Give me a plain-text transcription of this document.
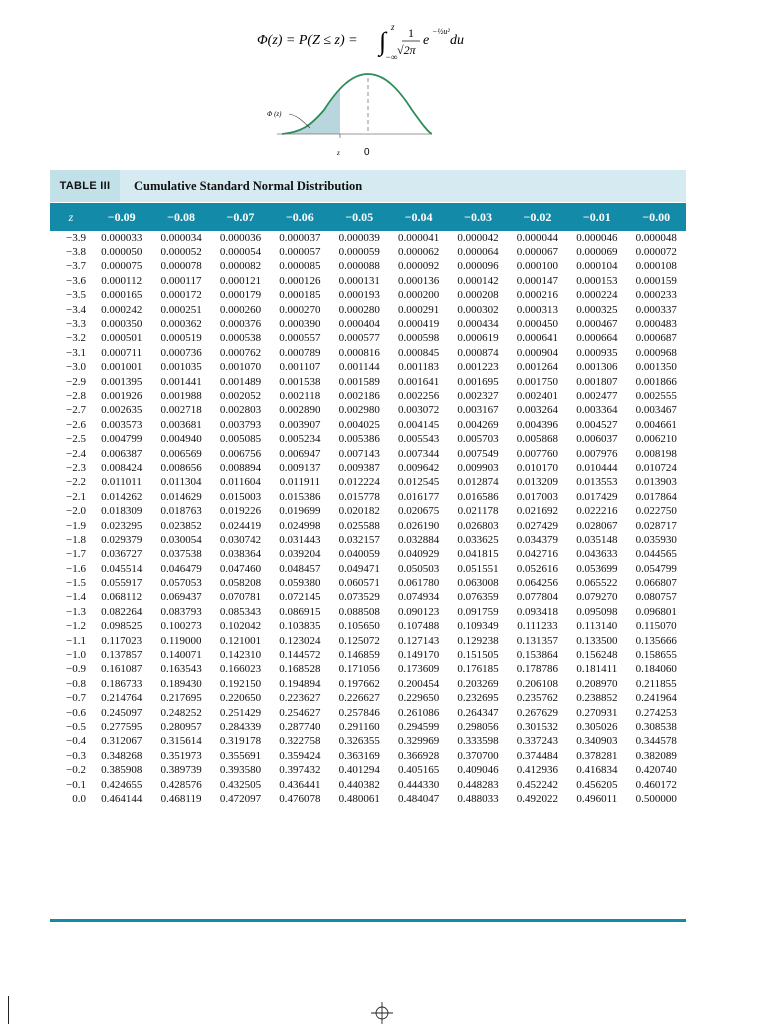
Φ(z) = P(Z ≤ z) = ∫ z
−∞
1
√2π
e
−½u²
du
Φ (z)
z 0
TABLE III	Cumulative Standard Normal Distribution
z	−0.09	−0.08	−0.07	−0.06	−0.05	−0.04	−0.03	−0.02	−0.01	−0.00
−3.9	0.000033	0.000034	0.000036	0.000037	0.000039	0.000041	0.000042	0.000044	0.000046	0.000048
−3.8	0.000050	0.000052	0.000054	0.000057	0.000059	0.000062	0.000064	0.000067	0.000069	0.000072
−3.7	0.000075	0.000078	0.000082	0.000085	0.000088	0.000092	0.000096	0.000100	0.000104	0.000108
−3.6	0.000112	0.000117	0.000121	0.000126	0.000131	0.000136	0.000142	0.000147	0.000153	0.000159
−3.5	0.000165	0.000172	0.000179	0.000185	0.000193	0.000200	0.000208	0.000216	0.000224	0.000233
−3.4	0.000242	0.000251	0.000260	0.000270	0.000280	0.000291	0.000302	0.000313	0.000325	0.000337
−3.3	0.000350	0.000362	0.000376	0.000390	0.000404	0.000419	0.000434	0.000450	0.000467	0.000483
−3.2	0.000501	0.000519	0.000538	0.000557	0.000577	0.000598	0.000619	0.000641	0.000664	0.000687
−3.1	0.000711	0.000736	0.000762	0.000789	0.000816	0.000845	0.000874	0.000904	0.000935	0.000968
−3.0	0.001001	0.001035	0.001070	0.001107	0.001144	0.001183	0.001223	0.001264	0.001306	0.001350
−2.9	0.001395	0.001441	0.001489	0.001538	0.001589	0.001641	0.001695	0.001750	0.001807	0.001866
−2.8	0.001926	0.001988	0.002052	0.002118	0.002186	0.002256	0.002327	0.002401	0.002477	0.002555
−2.7	0.002635	0.002718	0.002803	0.002890	0.002980	0.003072	0.003167	0.003264	0.003364	0.003467
−2.6	0.003573	0.003681	0.003793	0.003907	0.004025	0.004145	0.004269	0.004396	0.004527	0.004661
−2.5	0.004799	0.004940	0.005085	0.005234	0.005386	0.005543	0.005703	0.005868	0.006037	0.006210
−2.4	0.006387	0.006569	0.006756	0.006947	0.007143	0.007344	0.007549	0.007760	0.007976	0.008198
−2.3	0.008424	0.008656	0.008894	0.009137	0.009387	0.009642	0.009903	0.010170	0.010444	0.010724
−2.2	0.011011	0.011304	0.011604	0.011911	0.012224	0.012545	0.012874	0.013209	0.013553	0.013903
−2.1	0.014262	0.014629	0.015003	0.015386	0.015778	0.016177	0.016586	0.017003	0.017429	0.017864
−2.0	0.018309	0.018763	0.019226	0.019699	0.020182	0.020675	0.021178	0.021692	0.022216	0.022750
−1.9	0.023295	0.023852	0.024419	0.024998	0.025588	0.026190	0.026803	0.027429	0.028067	0.028717
−1.8	0.029379	0.030054	0.030742	0.031443	0.032157	0.032884	0.033625	0.034379	0.035148	0.035930
−1.7	0.036727	0.037538	0.038364	0.039204	0.040059	0.040929	0.041815	0.042716	0.043633	0.044565
−1.6	0.045514	0.046479	0.047460	0.048457	0.049471	0.050503	0.051551	0.052616	0.053699	0.054799
−1.5	0.055917	0.057053	0.058208	0.059380	0.060571	0.061780	0.063008	0.064256	0.065522	0.066807
−1.4	0.068112	0.069437	0.070781	0.072145	0.073529	0.074934	0.076359	0.077804	0.079270	0.080757
−1.3	0.082264	0.083793	0.085343	0.086915	0.088508	0.090123	0.091759	0.093418	0.095098	0.096801
−1.2	0.098525	0.100273	0.102042	0.103835	0.105650	0.107488	0.109349	0.111233	0.113140	0.115070
−1.1	0.117023	0.119000	0.121001	0.123024	0.125072	0.127143	0.129238	0.131357	0.133500	0.135666
−1.0	0.137857	0.140071	0.142310	0.144572	0.146859	0.149170	0.151505	0.153864	0.156248	0.158655
−0.9	0.161087	0.163543	0.166023	0.168528	0.171056	0.173609	0.176185	0.178786	0.181411	0.184060
−0.8	0.186733	0.189430	0.192150	0.194894	0.197662	0.200454	0.203269	0.206108	0.208970	0.211855
−0.7	0.214764	0.217695	0.220650	0.223627	0.226627	0.229650	0.232695	0.235762	0.238852	0.241964
−0.6	0.245097	0.248252	0.251429	0.254627	0.257846	0.261086	0.264347	0.267629	0.270931	0.274253
−0.5	0.277595	0.280957	0.284339	0.287740	0.291160	0.294599	0.298056	0.301532	0.305026	0.308538
−0.4	0.312067	0.315614	0.319178	0.322758	0.326355	0.329969	0.333598	0.337243	0.340903	0.344578
−0.3	0.348268	0.351973	0.355691	0.359424	0.363169	0.366928	0.370700	0.374484	0.378281	0.382089
−0.2	0.385908	0.389739	0.393580	0.397432	0.401294	0.405165	0.409046	0.412936	0.416834	0.420740
−0.1	0.424655	0.428576	0.432505	0.436441	0.440382	0.444330	0.448283	0.452242	0.456205	0.460172
0.0	0.464144	0.468119	0.472097	0.476078	0.480061	0.484047	0.488033	0.492022	0.496011	0.500000
